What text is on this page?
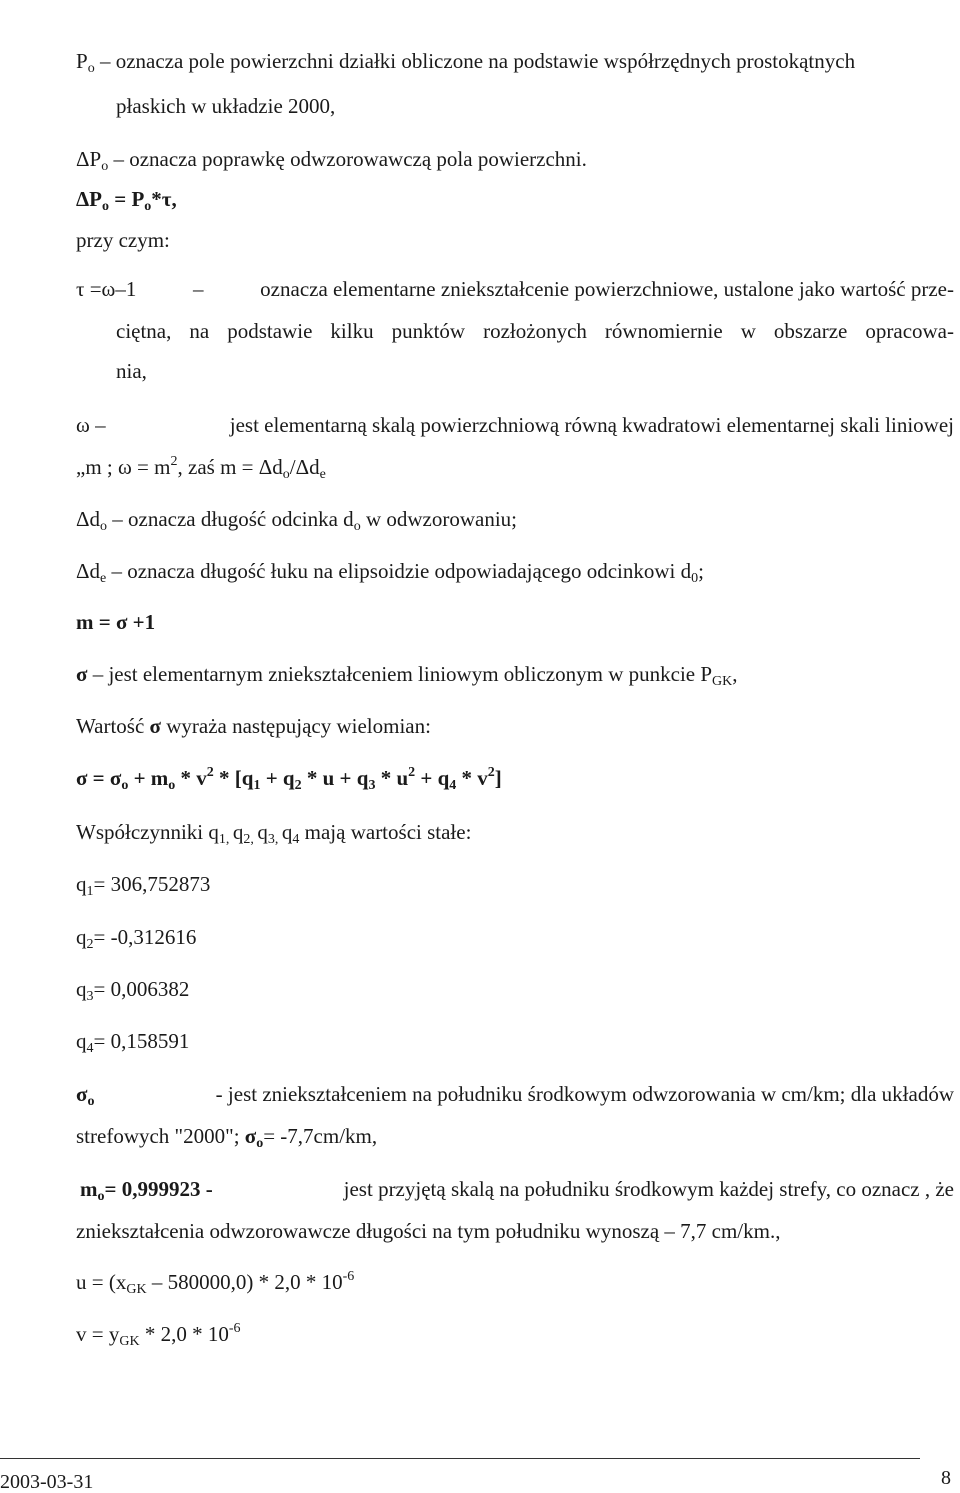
$P_o$ – oznacza pole powierzchni działki obliczone na podstawie współrzędnych prostokątnych
płaskich w układzie 2000,
$\Delta P_o$ – oznacza poprawkę odwzorowawczą pola powierzchni.
$\Delta P_o = P_o*\tau$,
przy czym:
τ =ω–1	–	oznacza elementarne zniekształcenie powierzchniowe, ustalone jako wartość prze-
ciętna, na podstawie kilku punktów rozłożonych równomiernie w obszarze opracowa-
nia,
ω –	jest elementarną skalą powierzchniową równą kwadratowi elementarnej skali liniowej
„m ; $\omega = m^2$, zaś $m = \Delta d_o/\Delta d_e$
$\Delta d_o$ – oznacza długość odcinka $d_o$ w odwzorowaniu;
$\Delta d_e$ – oznacza długość łuku na elipsoidzie odpowiadającego odcinkowi $d_0$;
m = σ +1
σ – jest elementarnym zniekształceniem liniowym obliczonym w punkcie $P_{GK}$,
Wartość σ wyraża następujący wielomian:
$\sigma = \sigma_o + m_o * v^2 * [q_1 + q_2 * u + q_3 * u^2 + q_4 * v^2]$
Współczynniki $q_{1,}$ $q_{2,}$ $q_{3,}$ $q_4$ mają wartości stałe:
$q_1= 306,752873$
$q_2= -0,312616$
$q_3= 0,006382$
$q_4= 0,158591$
$\sigma_o$	- jest zniekształceniem na południku środkowym odwzorowania w cm/km; dla układów
strefowych "2000"; $\sigma_o= -7,7cm/km$,
$m_o= 0,999923$ -	jest przyjętą skalą na południku środkowym każdej strefy, co oznacz , że
zniekształcenia odwzorowawcze długości na tym południku wynoszą – 7,7 cm/km.,
$u = (x_{GK} - 580000,0) * 2,0 * 10^{-6}$
$v = y_{GK} * 2,0 * 10^{-6}$
2003-03-31	8
